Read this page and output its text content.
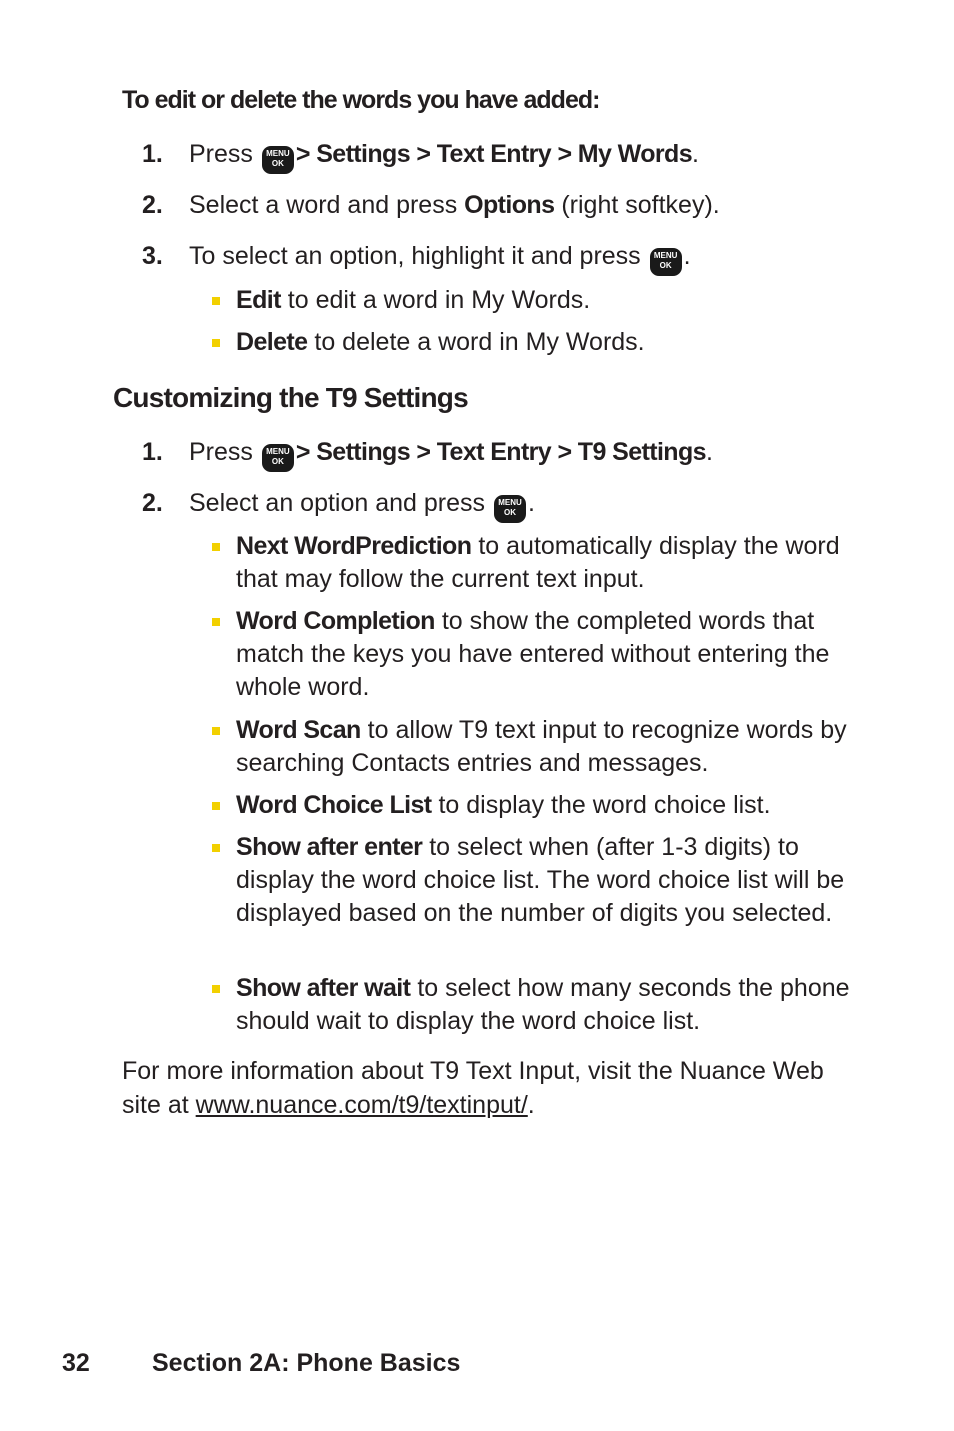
To edit or delete the words you have added:
1. Press	MENU
OK > Settings > Text Entry > My Words.
2. Select a word and press Options (right softkey).
3. To select an option, highlight it and press	MENU
OK .
Edit to edit a word in My Words.
Delete to delete a word in My Words.
Customizing the T9 Settings
1. Press	MENU
OK > Settings > Text Entry > T9 Settings.
2. Select an option and press	MENU
OK .
Next WordPrediction to automatically display the word that may follow the current text input.
Word Completion to show the completed words that match the keys you have entered without entering the whole word.
Word Scan to allow T9 text input to recognize words by searching Contacts entries and messages.
Word Choice List to display the word choice list.
Show after enter to select when (after 1-3 digits) to display the word choice list. The word choice list will be displayed based on the number of digits you selected.
Show after wait to select how many seconds the phone should wait to display the word choice list.
For more information about T9 Text Input, visit the Nuance Web site at www.nuance.com/t9/textinput/.
32 Section 2A: Phone Basics
